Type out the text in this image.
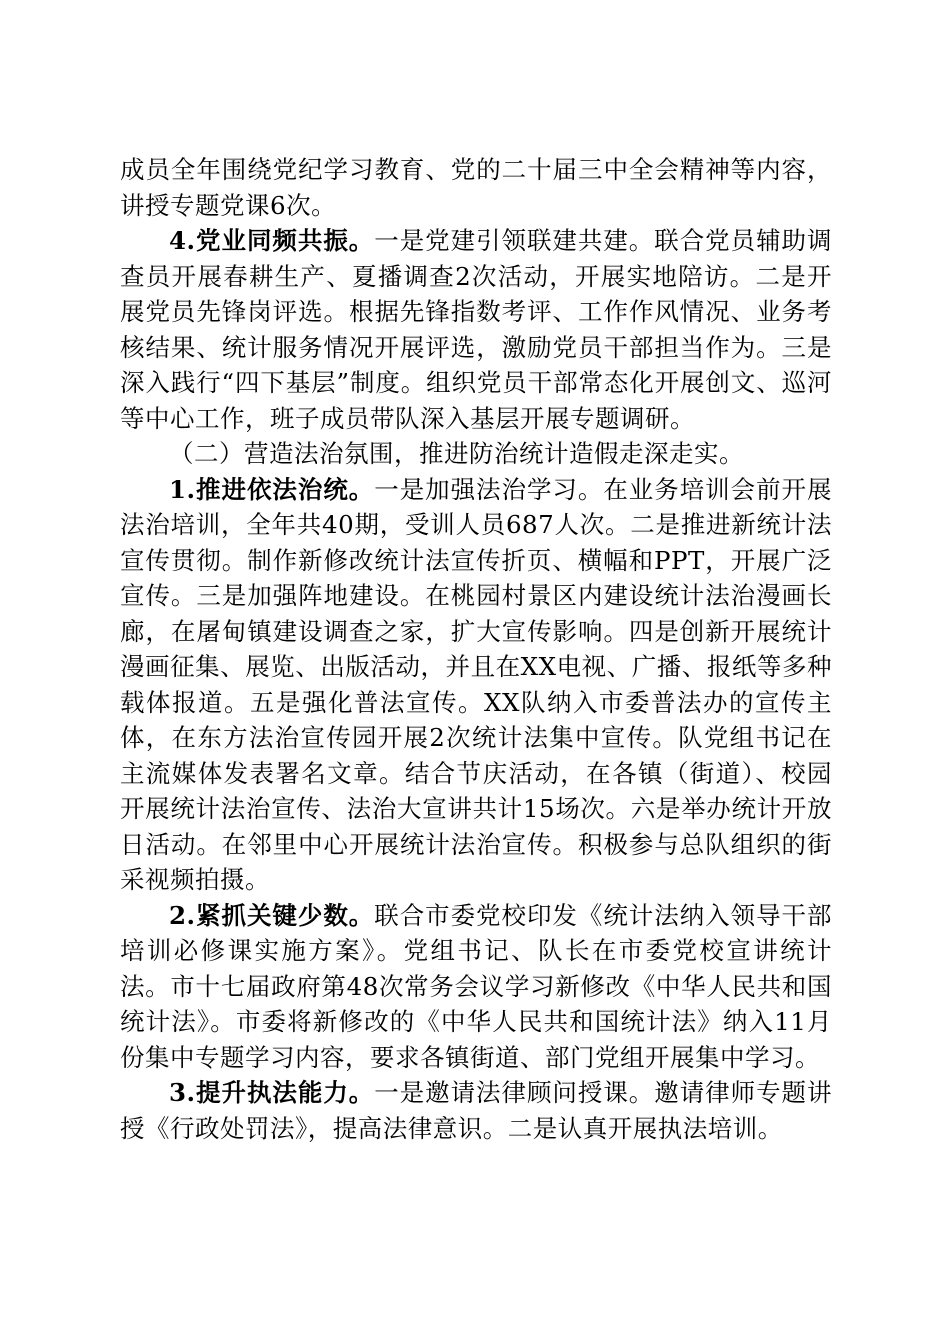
成员全年围绕党纪学习教育、党的二十届三中全会精神等内容，讲授专题党课6次。

4.党业同频共振。一是党建引领联建共建。联合党员辅助调查员开展春耕生产、夏播调查2次活动，开展实地陪访。二是开展党员先锋岗评选。根据先锋指数考评、工作作风情况、业务考核结果、统计服务情况开展评选，激励党员干部担当作为。三是深入践行“四下基层”制度。组织党员干部常态化开展创文、巡河等中心工作，班子成员带队深入基层开展专题调研。

（二）营造法治氛围，推进防治统计造假走深走实。

1.推进依法治统。一是加强法治学习。在业务培训会前开展法治培训，全年共40期，受训人员687人次。二是推进新统计法宣传贯彻。制作新修改统计法宣传折页、横幅和PPT，开展广泛宣传。三是加强阵地建设。在桃园村景区内建设统计法治漫画长廊，在屠甸镇建设调查之家，扩大宣传影响。四是创新开展统计漫画征集、展览、出版活动，并且在XX电视、广播、报纸等多种载体报道。五是强化普法宣传。XX队纳入市委普法办的宣传主体，在东方法治宣传园开展2次统计法集中宣传。队党组书记在主流媒体发表署名文章。结合节庆活动，在各镇（街道）、校园开展统计法治宣传、法治大宣讲共计15场次。六是举办统计开放日活动。在邻里中心开展统计法治宣传。积极参与总队组织的街采视频拍摄。

2.紧抓关键少数。联合市委党校印发《统计法纳入领导干部培训必修课实施方案》。党组书记、队长在市委党校宣讲统计法。市十七届政府第48次常务会议学习新修改《中华人民共和国统计法》。市委将新修改的《中华人民共和国统计法》纳入11月份集中专题学习内容，要求各镇街道、部门党组开展集中学习。

3.提升执法能力。一是邀请法律顾问授课。邀请律师专题讲授《行政处罚法》，提高法律意识。二是认真开展执法培训。
